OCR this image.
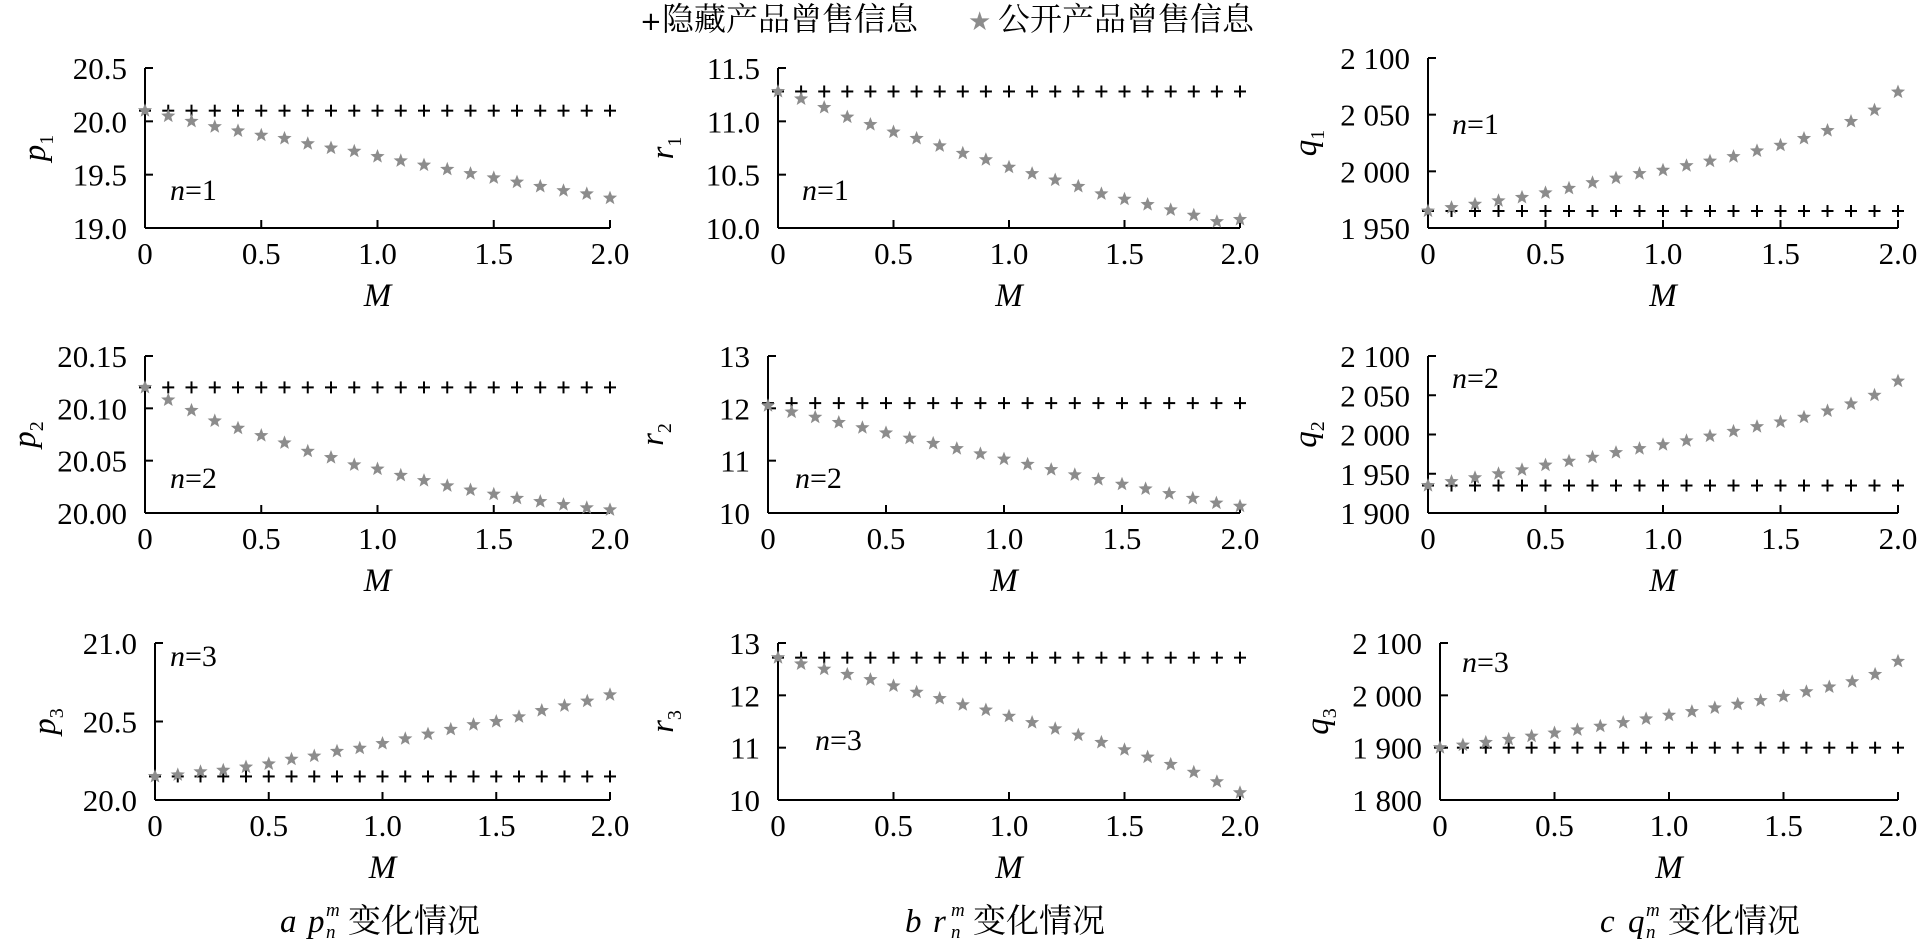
+ 隐藏产品曾售信息 ★ 公开产品曾售信息
0	0.5	1.0	1.5	2.0
19.0
19.5
20.0
20.5
M
$p_1$
n=1
0	0.5 1.0 1.5 2.0
10.0
10.5
11.0
11.5
M
$r_1$
n=1
0	0.5	1.0	1.5	2.0
1 950
2 000
2 050
2 100
M
$q_1$	n=1
0	0.5	1.0	1.5	2.0
20.00
20.05
20.10
20.15
M
$p_2$
n=2
0	0.5	1.0	1.5	2.0
10
11
12
13
M
$r_2$
n=2
0	0.5	1.0	1.5	2.0
1 900
1 950
2 000
2 050
2 100
M
$q_2$
n=2
0	0.5 1.0 1.5 2.0
20.0
20.5
21.0
M
$p_3$
n=3
0	0.5 1.0 1.5 2.0
10
11
12
13
M
$r_3$
n=3
0	0.5 1.0 1.5 2.0
1 800
1 900
2 000
2 100
M
$q_3$
n=3
a p m
n 变化情况	b r m
n 变化情况	c q m
n 变化情况
